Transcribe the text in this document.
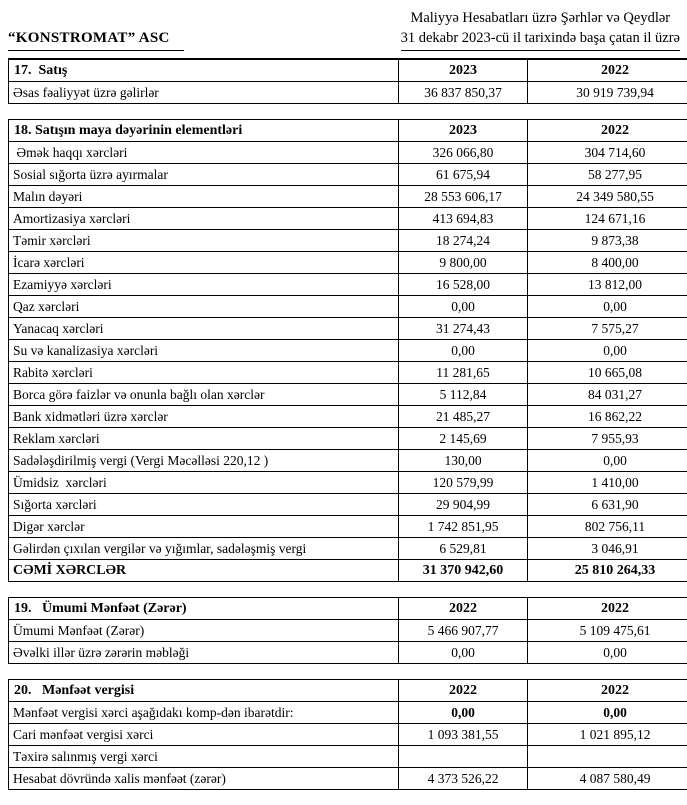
“KONSTROMAT” ASC
Maliyyə Hesabatları üzrə Şərhlər və Qeydlər
31 dekabr 2023-cü il tarixində başa çatan il üzrə
17.  Satış	2023	2022
Əsas fəaliyyət üzrə gəlirlər	36 837 850,37	30 919 739,94
18. Satışın maya dəyərinin elementləri	2023	2022
Əmək haqqı xərcləri	326 066,80	304 714,60
Sosial sığorta üzrə ayırmalar	61 675,94	58 277,95
Malın dəyəri	28 553 606,17	24 349 580,55
Amortizasiya xərcləri	413 694,83	124 671,16
Təmir xərcləri	18 274,24	9 873,38
İcarə xərcləri	9 800,00	8 400,00
Ezamiyyə xərcləri	16 528,00	13 812,00
Qaz xərcləri	0,00	0,00
Yanacaq xərcləri	31 274,43	7 575,27
Su və kanalizasiya xərcləri	0,00	0,00
Rabitə xərcləri	11 281,65	10 665,08
Borca görə faizlər və onunla bağlı olan xərclər	5 112,84	84 031,27
Bank xidmətləri üzrə xərclər	21 485,27	16 862,22
Reklam xərcləri	2 145,69	7 955,93
Sadələşdirilmiş vergi (Vergi Məcəlləsi 220,12 )	130,00	0,00
Ümidsiz  xərcləri	120 579,99	1 410,00
Sığorta xərcləri	29 904,99	6 631,90
Digər xərclər	1 742 851,95	802 756,11
Gəlirdən çıxılan vergilər və yığımlar, sadələşmiş vergi	6 529,81	3 046,91
CƏMİ XƏRCLƏR	31 370 942,60	25 810 264,33
19.   Ümumi Mənfəət (Zərər)	2022	2022
Ümumi Mənfəət (Zərər)	5 466 907,77	5 109 475,61
Əvəlki illər üzrə zərərin məbləği	0,00	0,00
20.   Mənfəət vergisi	2022	2022
Mənfəət vergisi xərci aşağıdakı komp-dən ibarətdir:	0,00	0,00
Cari mənfəət vergisi xərci	1 093 381,55	1 021 895,12
Təxirə salınmış vergi xərci		
Hesabat dövründə xalis mənfəət (zərər)	4 373 526,22	4 087 580,49
